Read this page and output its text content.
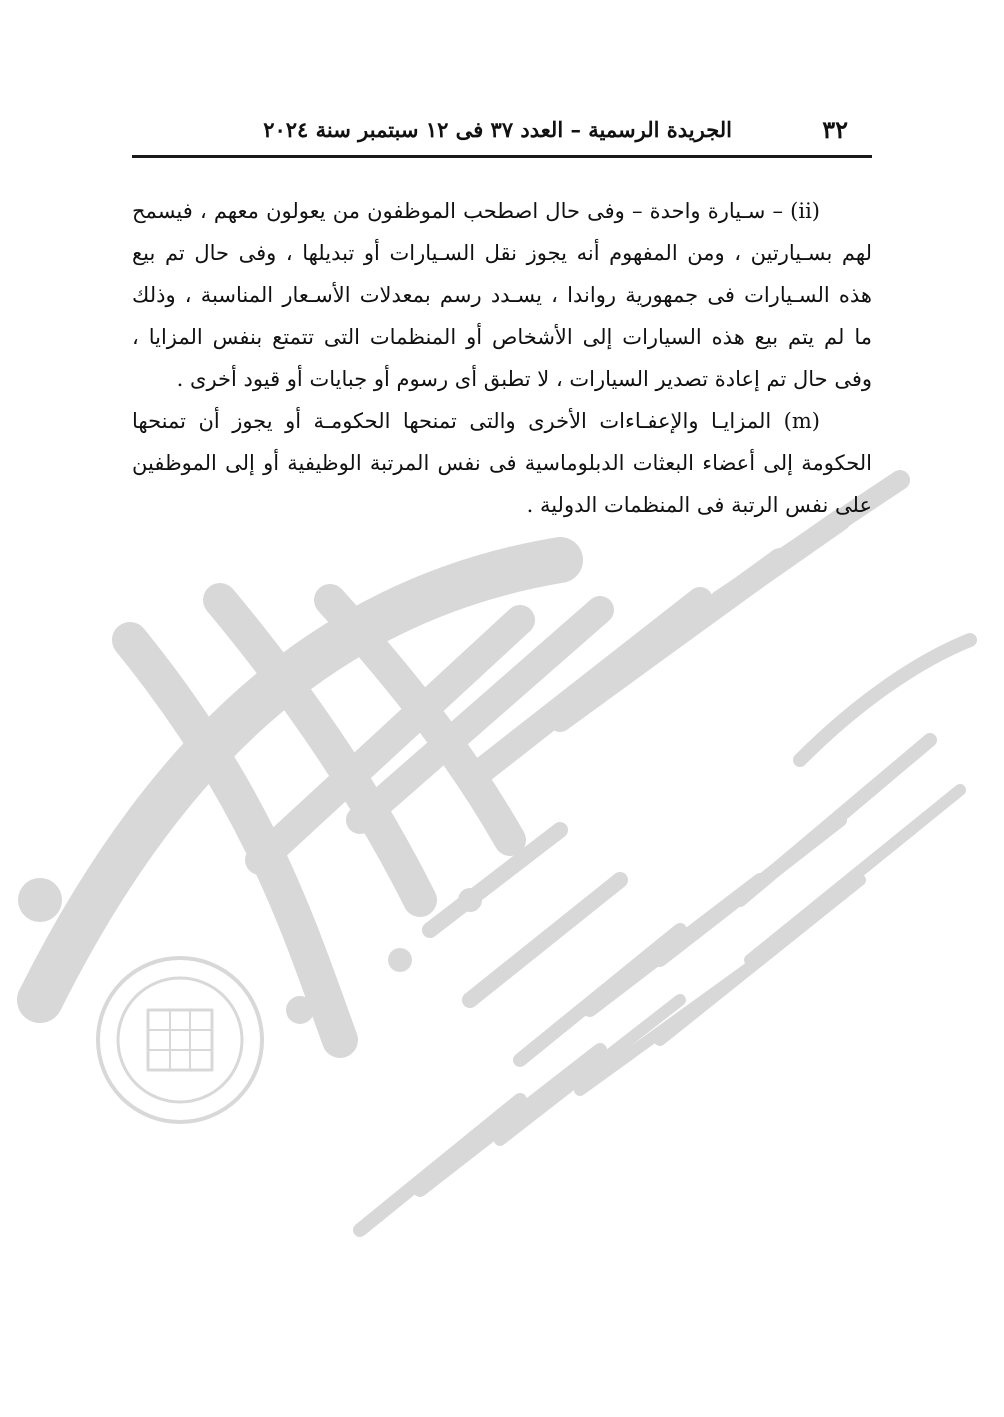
٣٢
الجريدة الرسمية – العدد ٣٧ فى ١٢ سبتمبر سنة ٢٠٢٤
(ii) – سـيارة واحدة – وفى حال اصطحب الموظفون من يعولون معهم ، فيسمح
لهم بسـيارتين ، ومن المفهوم أنه يجوز نقل السـيارات أو تبديلها ، وفى حال تم بيع
هذه السـيارات فى جمهورية رواندا ، يسـدد رسم بمعدلات الأسـعار المناسبة ، وذلك
ما لم يتم بيع هذه السيارات إلى الأشخاص أو المنظمات التى تتمتع بنفس المزايا ،
وفى حال تم إعادة تصدير السيارات ، لا تطبق أى رسوم أو جبايات أو قيود أخرى .
(m) المزايـا والإعفـاءات الأخرى والتى تمنحها الحكومـة أو يجوز أن تمنحها
الحكومة إلى أعضاء البعثات الدبلوماسية فى نفس المرتبة الوظيفية أو إلى الموظفين
على نفس الرتبة فى المنظمات الدولية .
